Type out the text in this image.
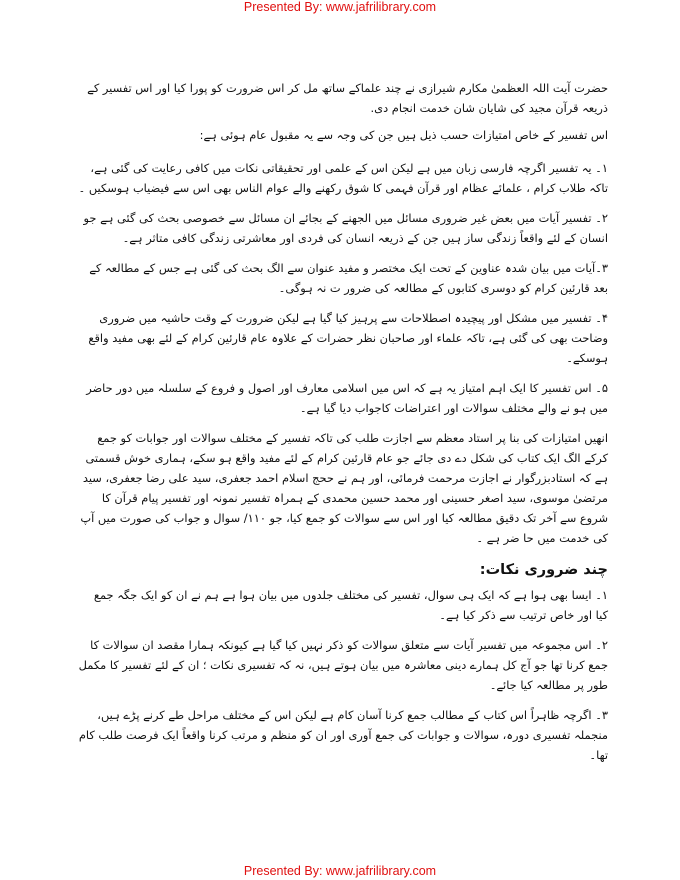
Presented By: www.jafrilibrary.com

حضرت آیت اللہ العظمیٰ مکارم شیرازی نے چند علماکے ساتھ مل کر اس ضرورت کو پورا کیا اور اس تفسیر کے ذریعہ قرآن مجید کی شایان شان خدمت انجام دی.

اس تفسیر کے خاص امتیازات حسب ذیل ہیں جن کی وجہ سے یہ مقبول عام ہوئی ہے:

١۔ یہ تفسیر اگرچہ فارسی زبان میں ہے لیکن اس کے علمی اور تحقیقاتی نکات میں کافی رعایت کی گئی ہے، تاکہ طلاب کرام ، علمائے عظام اور قرآن فہمی کا شوق رکھنے والے عوام الناس بھی اس سے فیضیاب ہوسکیں ۔

٢۔ تفسیر آیات میں بعض غیر ضروری مسائل میں الجھنے کے بجائے ان مسائل سے خصوصی بحث کی گئی ہے جو انسان کے لئے واقعاً زندگی ساز ہیں جن کے ذریعہ انسان کی فردی اور معاشرتی زندگی کافی متاثر ہے۔

٣۔آیات میں بیان شدہ عناوین کے تحت ایک مختصر و مفید عنوان سے الگ بحث کی گئی ہے جس کے مطالعہ کے بعد قارئین کرام کو دوسری کتابوں کے مطالعہ کی ضرور ت نہ ہوگی۔

۴۔ تفسیر میں مشکل اور پیچیدہ اصطلاحات سے پرہیز کیا گیا ہے لیکن ضرورت کے وقت حاشیہ میں ضروری وضاحت بھی کی گئی ہے، تاکہ علماء اور صاحبان نظر حضرات کے علاوہ عام قارئین کرام کے لئے بھی مفید واقع ہوسکے۔

۵۔ اس تفسیر کا ایک اہم امتیاز یہ ہے کہ اس میں اسلامی معارف اور اصول و فروع کے سلسلہ میں دور حاضر میں ہو نے والے مختلف سوالات اور اعتراضات کاجواب دیا گیا ہے۔

انھیں امتیازات کی بنا پر استاد معظم سے اجازت طلب کی تاکہ تفسیر کے مختلف سوالات اور جوابات کو جمع کرکے الگ ایک کتاب کی شکل دے دی جائے جو عام قارئین کرام کے لئے مفید واقع ہو سکے، ہماری خوش قسمتی ہے کہ استادبزرگوار نے اجازت مرحمت فرمائی، اور ہم نے ححج اسلام احمد جعفری، سید علی رضا جعفری، سید مرتضیٰ موسوی، سید اصغر حسینی اور محمد حسین محمدی کے ہمراہ تفسیر نمونہ اور تفسیر پیام قرآن کا شروع سے آخر تک دقیق مطالعہ کیا اور اس سے سوالات کو جمع کیا، جو ١١٠/ سوال و جواب کی صورت میں آپ کی خدمت میں حا ضر ہے ۔

چند ضروری نکات:

١۔ ایسا بھی ہوا ہے کہ ایک ہی سوال، تفسیر کی مختلف جلدوں میں بیان ہوا ہے ہم نے ان کو ایک جگہ جمع کیا اور خاص ترتیب سے ذکر کیا ہے۔

٢۔ اس مجموعہ میں تفسیر آیات سے متعلق سوالات کو ذکر نہیں کیا گیا ہے کیونکہ ہمارا مقصد ان سوالات کا جمع کرنا تھا جو آج کل ہمارے دینی معاشرہ میں بیان ہوتے ہیں، نہ کہ تفسیری نکات ؛ ان کے لئے تفسیر کا مکمل طور پر مطالعہ کیا جائے۔

٣۔ اگرچہ ظاہراً اس کتاب کے مطالب جمع کرنا آسان کام ہے لیکن اس کے مختلف مراحل طے کرنے پڑے ہیں، منجملہ تفسیری دورہ، سوالات و جوابات کی جمع آوری اور ان کو منظم و مرتب کرنا واقعاً ایک فرصت طلب کام تھا۔

Presented By: www.jafrilibrary.com
